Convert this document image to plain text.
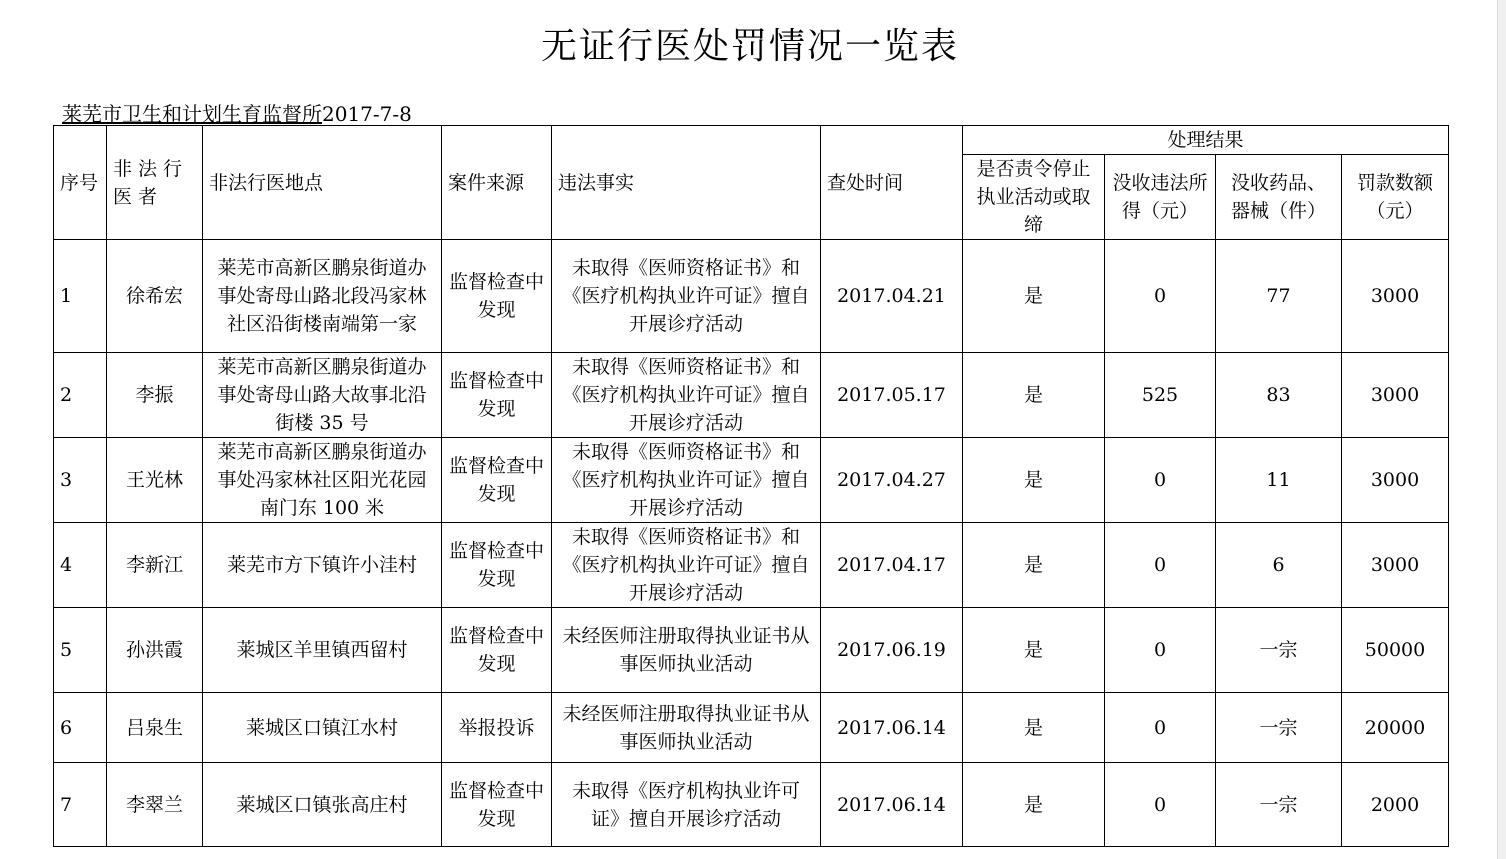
无证行医处罚情况一览表
莱芜市卫生和计划生育监督所2017-7-8
序号	非法行医者	非法行医地点	案件来源	违法事实	查处时间	处理结果			
						是否责令停止执业活动或取缔	没收违法所得（元）	没收药品、器械（件）	罚款数额（元）
1	徐希宏	莱芜市高新区鹏泉街道办事处寄母山路北段冯家林社区沿街楼南端第一家	监督检查中发现	未取得《医师资格证书》和《医疗机构执业许可证》擅自开展诊疗活动	2017.04.21	是	0	77	3000
2	李振	莱芜市高新区鹏泉街道办事处寄母山路大故事北沿街楼 35 号	监督检查中发现	未取得《医师资格证书》和《医疗机构执业许可证》擅自开展诊疗活动	2017.05.17	是	525	83	3000
3	王光林	莱芜市高新区鹏泉街道办事处冯家林社区阳光花园南门东 100 米	监督检查中发现	未取得《医师资格证书》和《医疗机构执业许可证》擅自开展诊疗活动	2017.04.27	是	0	11	3000
4	李新江	莱芜市方下镇许小洼村	监督检查中发现	未取得《医师资格证书》和《医疗机构执业许可证》擅自开展诊疗活动	2017.04.17	是	0	6	3000
5	孙洪霞	莱城区羊里镇西留村	监督检查中发现	未经医师注册取得执业证书从事医师执业活动	2017.06.19	是	0	一宗	50000
6	吕泉生	莱城区口镇江水村	举报投诉	未经医师注册取得执业证书从事医师执业活动	2017.06.14	是	0	一宗	20000
7	李翠兰	莱城区口镇张高庄村	监督检查中发现	未取得《医疗机构执业许可证》擅自开展诊疗活动	2017.06.14	是	0	一宗	2000
